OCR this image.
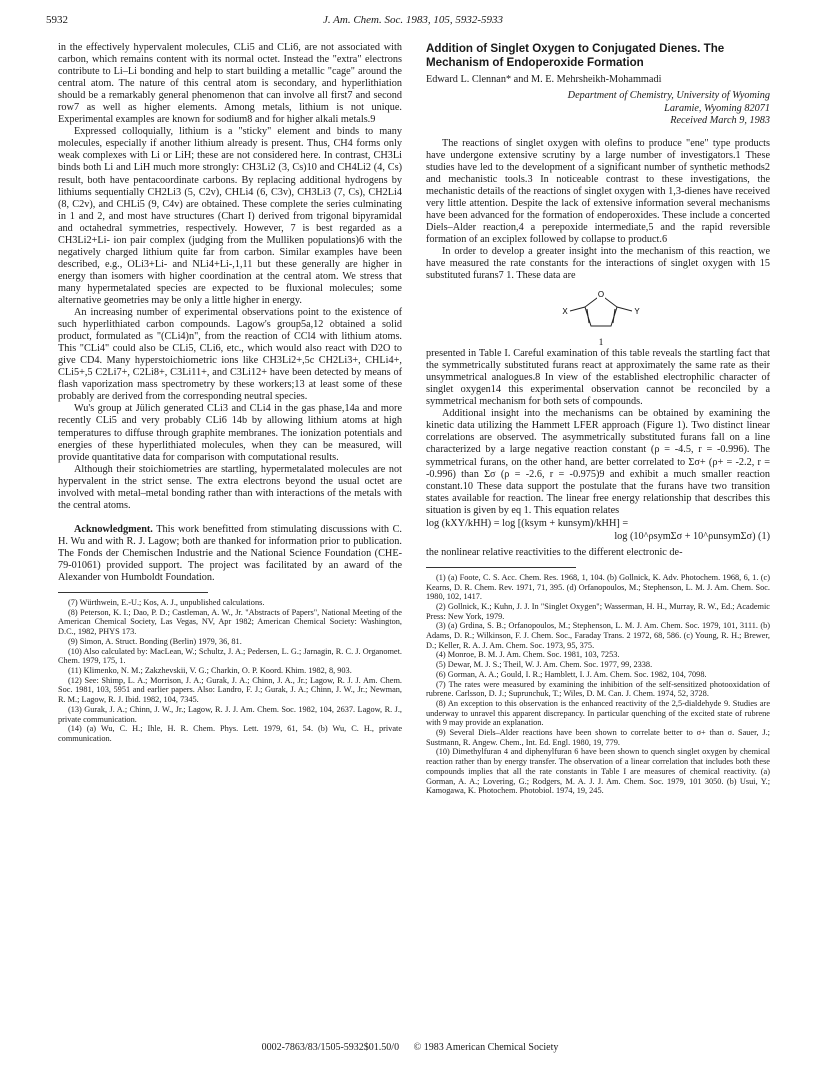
5932	J. Am. Chem. Soc. 1983, 105, 5932-5933

in the effectively hypervalent molecules, CLi5 and CLi6, are not associated with carbon, which remains content with its normal octet. Instead the "extra" electrons contribute to Li–Li bonding and help to start building a metallic "cage" around the central atom. The nature of this central atom is secondary, and hyperlithiation should be a remarkably general phenomenon that can involve all first7 and second row7 as well as higher elements. Among metals, lithium is not unique. Experimental examples are known for sodium8 and for higher alkali metals.9

Expressed colloquially, lithium is a "sticky" element and binds to many molecules, especially if another lithium already is present. Thus, CH4 forms only weak complexes with Li or LiH; these are not considered here. In contrast, CH3Li binds both Li and LiH much more strongly: CH3Li2 (3, Cs)10 and CH4Li2 (4, Cs) result, both have pentacoordinate carbons. By replacing additional hydrogens by lithiums sequentially CH2Li3 (5, C2v), CHLi4 (6, C3v), CH3Li3 (7, Cs), CH2Li4 (8, C2v), and CHLi5 (9, C4v) are obtained. These complete the series culminating in 1 and 2, and most have structures (Chart I) derived from trigonal bipyramidal and octahedral symmetries, respectively. However, 7 is best regarded as a CH3Li2+Li- ion pair complex (judging from the Mulliken populations)6 with the negatively charged lithium quite far from carbon. Similar examples have been described, e.g., OLi3+Li- and NLi4+Li-,1,11 but these generally are higher in energy than isomers with higher coordination at the central atom. We stress that many hypermetalated species are expected to be fluxional molecules; some alternative geometries may be only a little higher in energy.

An increasing number of experimental observations point to the existence of such hyperlithiated carbon compounds. Lagow's group5a,12 obtained a solid product, formulated as "(CLi4)n", from the reaction of CCl4 with lithium atoms. This "CLi4" could also be CLi5, CLi6, etc., which would also react with D2O to give CD4. Many hyperstoichiometric ions like CH3Li2+,5c CH2Li3+, CHLi4+, CLi5+,5 C2Li7+, C2Li8+, C3Li11+, and C3Li12+ have been detected by means of flash vaporization mass spectrometry by these workers;13 at least some of these probably are derived from the corresponding neutral species.

Wu's group at Jülich generated CLi3 and CLi4 in the gas phase,14a and more recently CLi5 and very probably CLi6 14b by allowing lithium atoms at high temperatures to diffuse through graphite membranes. The ionization potentials and energies of these hyperlithiated molecules, when they can be measured, will provide quantitative data for comparison with computational results.

Although their stoichiometries are startling, hypermetalated molecules are not hypervalent in the strict sense. The extra electrons beyond the usual octet are involved with metal–metal bonding rather than with interactions of the metals with the central atoms.

Acknowledgment. This work benefitted from stimulating discussions with C. H. Wu and with R. J. Lagow; both are thanked for information prior to publication. The Fonds der Chemischen Industrie and the National Science Foundation (CHE-79-01061) provided support. The project was facilitated by an award of the Alexander von Humboldt Foundation.

(7) Würthwein, E.-U.; Kos, A. J., unpublished calculations.

(8) Peterson, K. I.; Dao, P. D.; Castleman, A. W., Jr. "Abstracts of Papers", National Meeting of the American Chemical Society, Las Vegas, NV, Apr 1982; American Chemical Society: Washington, D.C., 1982, PHYS 173.

(9) Simon, A. Struct. Bonding (Berlin) 1979, 36, 81.

(10) Also calculated by: MacLean, W.; Schultz, J. A.; Pedersen, L. G.; Jarnagin, R. C. J. Organomet. Chem. 1979, 175, 1.

(11) Klimenko, N. M.; Zakzhevskii, V. G.; Charkin, O. P. Koord. Khim. 1982, 8, 903.

(12) See: Shimp, L. A.; Morrison, J. A.; Gurak, J. A.; Chinn, J. A., Jr.; Lagow, R. J. J. Am. Chem. Soc. 1981, 103, 5951 and earlier papers. Also: Landro, F. J.; Gurak, J. A.; Chinn, J. W., Jr.; Newman, R. M.; Lagow, R. J. Ibid. 1982, 104, 7345.

(13) Gurak, J. A.; Chinn, J. W., Jr.; Lagow, R. J. J. Am. Chem. Soc. 1982, 104, 2637. Lagow, R. J., private communication.

(14) (a) Wu, C. H.; Ihle, H. R. Chem. Phys. Lett. 1979, 61, 54. (b) Wu, C. H., private communication.

Addition of Singlet Oxygen to Conjugated Dienes. The Mechanism of Endoperoxide Formation
Edward L. Clennan* and M. E. Mehrsheikh-Mohammadi
Department of Chemistry, University of Wyoming
Laramie, Wyoming 82071
Received March 9, 1983

The reactions of singlet oxygen with olefins to produce "ene" type products have undergone extensive scrutiny by a large number of investigators.1 These studies have led to the development of a significant number of synthetic methods2 and mechanistic tools.3 In noticeable contrast to these investigations, the mechanistic details of the reactions of singlet oxygen with 1,3-dienes have received very little attention. Despite the lack of extensive information several mechanisms have been advanced for the formation of endoperoxides. These include a concerted Diels–Alder reaction,4 a perepoxide intermediate,5 and the rapid reversible formation of an exciplex followed by collapse to product.6

In order to develop a greater insight into the mechanism of this reaction, we have measured the rate constants for the interactions of singlet oxygen with 15 substituted furans7 1. These data are

O
X	Y
1

presented in Table I. Careful examination of this table reveals the startling fact that the symmetrically substituted furans react at approximately the same rate as their unsymmetrical analogues.8 In view of the established electrophilic character of singlet oxygen14 this experimental observation cannot be reconciled by a symmetrical mechanism for both sets of compounds.

Additional insight into the mechanisms can be obtained by examining the kinetic data utilizing the Hammett LFER approach (Figure 1). Two distinct linear correlations are observed. The asymmetrically substituted furans fall on a line characterized by a large negative reaction constant (ρ = -4.5, r = -0.996). The symmetrical furans, on the other hand, are better correlated to Σσ+ (ρ+ = -2.2, r = -0.996) than Σσ (ρ = -2.6, r = -0.975)9 and exhibit a much smaller reaction constant.10 These data support the postulate that the furans have two transition states available for reaction. The linear free energy relationship that describes this situation is given by eq 1. This equation relates

log (kXY/kHH) = log [(ksym + kunsym)/kHH] =
log (10^ρsymΣσ + 10^ρunsymΣσ) (1)

the nonlinear relative reactivities to the different electronic de-

(1) (a) Foote, C. S. Acc. Chem. Res. 1968, 1, 104. (b) Gollnick, K. Adv. Photochem. 1968, 6, 1. (c) Kearns, D. R. Chem. Rev. 1971, 71, 395. (d) Orfanopoulos, M.; Stephenson, L. M. J. Am. Chem. Soc. 1980, 102, 1417.

(2) Gollnick, K.; Kuhn, J. J. In "Singlet Oxygen"; Wasserman, H. H., Murray, R. W., Ed.; Academic Press: New York, 1979.

(3) (a) Grdina, S. B.; Orfanopoulos, M.; Stephenson, L. M. J. Am. Chem. Soc. 1979, 101, 3111. (b) Adams, D. R.; Wilkinson, F. J. Chem. Soc., Faraday Trans. 2 1972, 68, 586. (c) Young, R. H.; Brewer, D.; Keller, R. A. J. Am. Chem. Soc. 1973, 95, 375.

(4) Monroe, B. M. J. Am. Chem. Soc. 1981, 103, 7253.

(5) Dewar, M. J. S.; Theil, W. J. Am. Chem. Soc. 1977, 99, 2338.

(6) Gorman, A. A.; Gould, I. R.; Hamblett, I. J. Am. Chem. Soc. 1982, 104, 7098.

(7) The rates were measured by examining the inhibition of the self-sensitized photooxidation of rubrene. Carlsson, D. J.; Suprunchuk, T.; Wiles, D. M. Can. J. Chem. 1974, 52, 3728.

(8) An exception to this observation is the enhanced reactivity of the 2,5-dialdehyde 9. Studies are underway to unravel this apparent discrepancy. In particular quenching of the excited state of rubrene with 9 may provide an explanation.

(9) Several Diels–Alder reactions have been shown to correlate better to σ+ than σ. Sauer, J.; Sustmann, R. Angew. Chem., Int. Ed. Engl. 1980, 19, 779.

(10) Dimethylfuran 4 and diphenylfuran 6 have been shown to quench singlet oxygen by chemical reaction rather than by energy transfer. The observation of a linear correlation that includes both these compounds implies that all the rate constants in Table I are measures of chemical reactivity. (a) Gorman, A. A.; Lovering, G.; Rodgers, M. A. J. J. Am. Chem. Soc. 1979, 101 3050. (b) Usui, Y.; Kamogawa, K. Photochem. Photobiol. 1974, 19, 245.

0002-7863/83/1505-5932$01.50/0 © 1983 American Chemical Society
